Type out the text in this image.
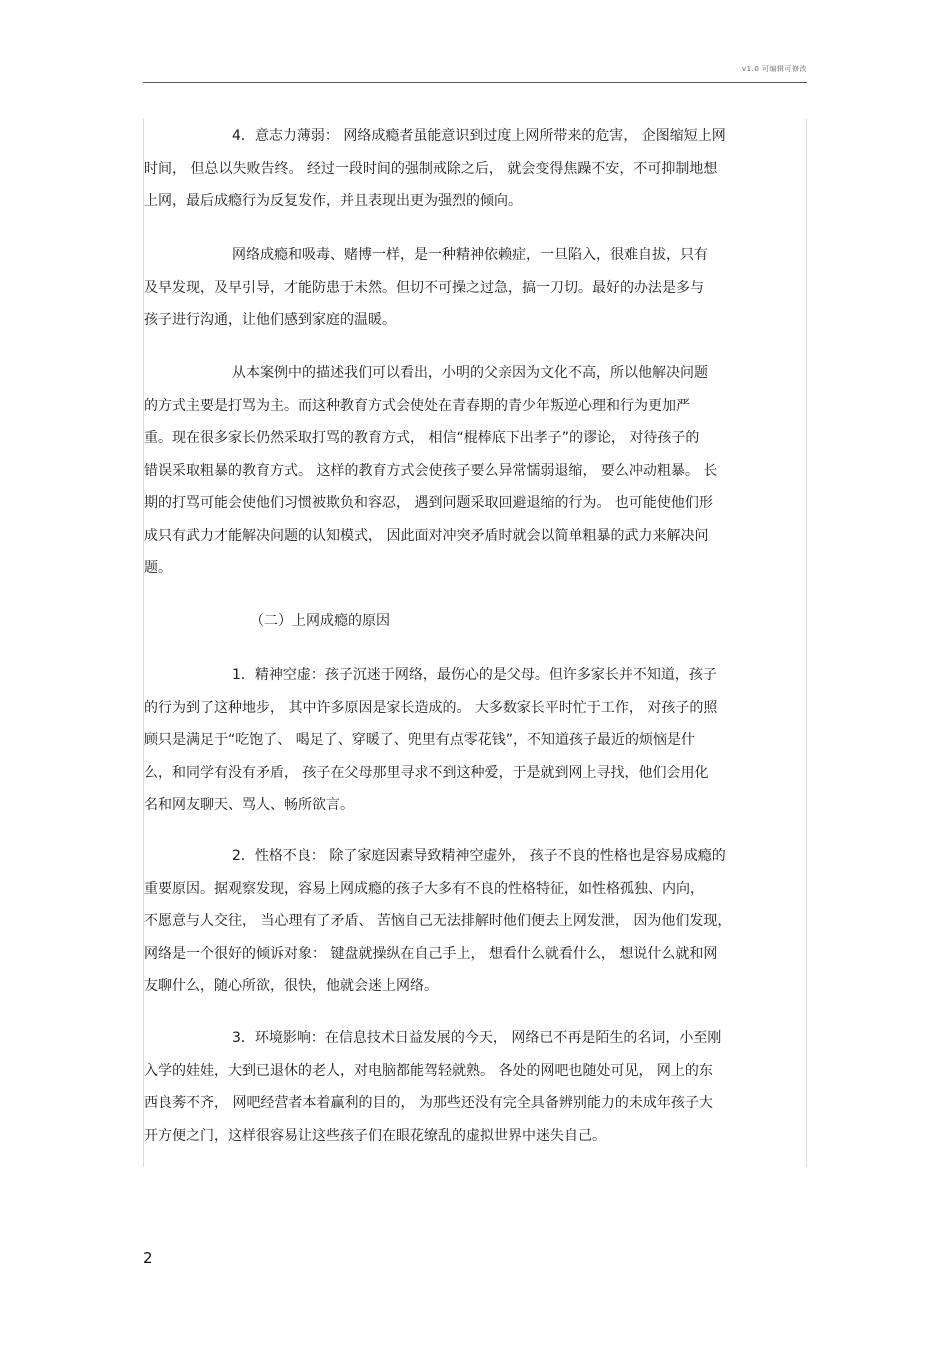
v1.0 可编辑可修改
4．意志力薄弱： 网络成瘾者虽能意识到过度上网所带来的危害， 企图缩短上网
时间， 但总以失败告终。 经过一段时间的强制戒除之后， 就会变得焦躁不安，不可抑制地想
上网，最后成瘾行为反复发作，并且表现出更为强烈的倾向。
网络成瘾和吸毒、赌博一样，是一种精神依赖症，一旦陷入，很难自拔，只有
及早发现，及早引导，才能防患于未然。但切不可操之过急，搞一刀切。最好的办法是多与
孩子进行沟通，让他们感到家庭的温暖。
从本案例中的描述我们可以看出，小明的父亲因为文化不高，所以他解决问题
的方式主要是打骂为主。而这种教育方式会使处在青春期的青少年叛逆心理和行为更加严
重。现在很多家长仍然采取打骂的教育方式， 相信“棍棒底下出孝子”的谬论， 对待孩子的
错误采取粗暴的教育方式。 这样的教育方式会使孩子要么异常懦弱退缩， 要么冲动粗暴。 长
期的打骂可能会使他们习惯被欺负和容忍， 遇到问题采取回避退缩的行为。 也可能使他们形
成只有武力才能解决问题的认知模式， 因此面对冲突矛盾时就会以简单粗暴的武力来解决问
题。
（二）上网成瘾的原因
1．精神空虚：孩子沉迷于网络，最伤心的是父母。但许多家长并不知道，孩子
的行为到了这种地步， 其中许多原因是家长造成的。 大多数家长平时忙于工作， 对孩子的照
顾只是满足于“吃饱了、 喝足了、穿暖了、兜里有点零花钱”，不知道孩子最近的烦恼是什
么，和同学有没有矛盾， 孩子在父母那里寻求不到这种爱，于是就到网上寻找，他们会用化
名和网友聊天、骂人、畅所欲言。
2．性格不良： 除了家庭因素导致精神空虚外， 孩子不良的性格也是容易成瘾的
重要原因。据观察发现，容易上网成瘾的孩子大多有不良的性格特征，如性格孤独、内向，
不愿意与人交往， 当心理有了矛盾、 苦恼自己无法排解时他们便去上网发泄， 因为他们发现，
网络是一个很好的倾诉对象： 键盘就操纵在自己手上， 想看什么就看什么， 想说什么就和网
友聊什么，随心所欲，很快，他就会迷上网络。
3．环境影响：在信息技术日益发展的今天， 网络已不再是陌生的名词，小至刚
入学的娃娃，大到已退休的老人，对电脑都能驾轻就熟。 各处的网吧也随处可见， 网上的东
西良莠不齐， 网吧经营者本着赢利的目的， 为那些还没有完全具备辨别能力的未成年孩子大
开方便之门，这样很容易让这些孩子们在眼花缭乱的虚拟世界中迷失自己。
2
